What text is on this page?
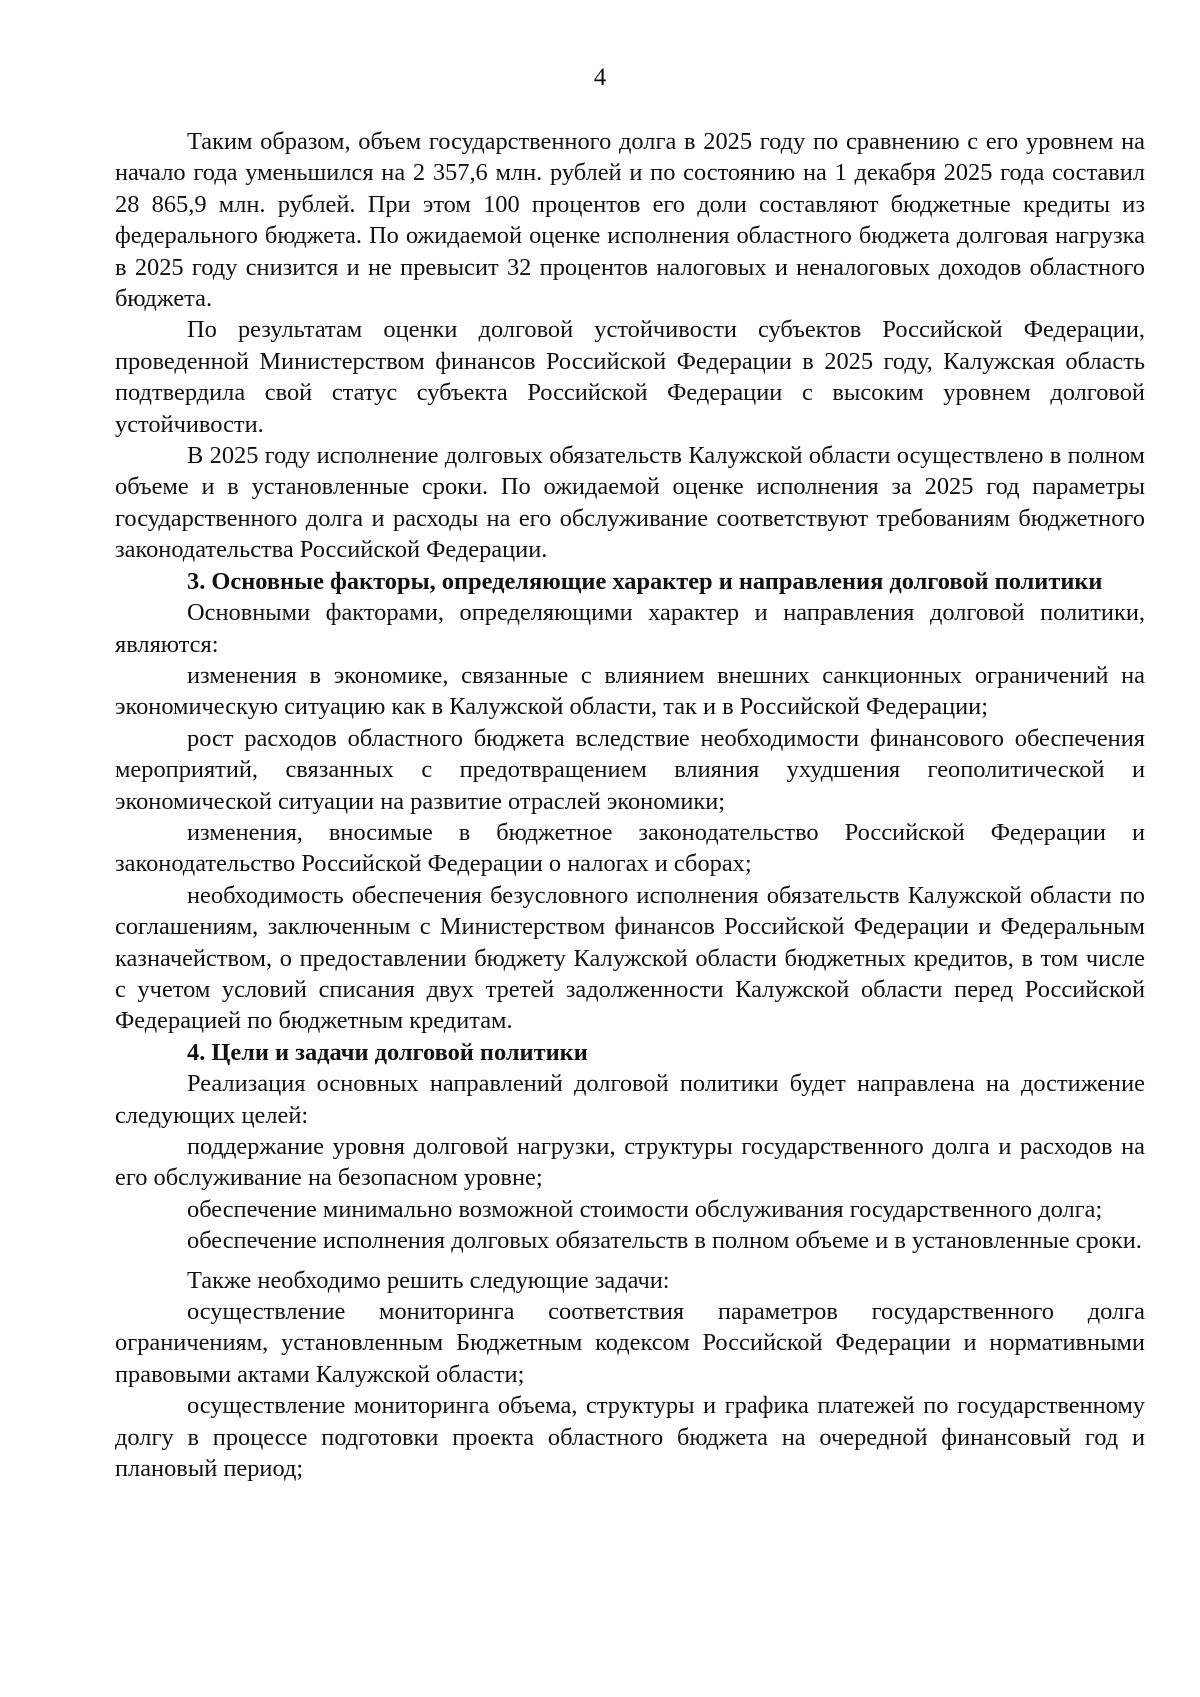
4

Таким образом, объем государственного долга в 2025 году по сравнению с его уровнем на начало года уменьшился на 2 357,6 млн. рублей и по состоянию на 1 декабря 2025 года составил 28 865,9 млн. рублей. При этом 100 процентов его доли составляют бюджетные кредиты из федерального бюджета. По ожидаемой оценке исполнения областного бюджета долговая нагрузка в 2025 году снизится и не превысит 32 процентов налоговых и неналоговых доходов областного бюджета.

По результатам оценки долговой устойчивости субъектов Российской Федерации, проведенной Министерством финансов Российской Федерации в 2025 году, Калужская область подтвердила свой статус субъекта Российской Федерации с высоким уровнем долговой устойчивости.

В 2025 году исполнение долговых обязательств Калужской области осуществлено в полном объеме и в установленные сроки. По ожидаемой оценке исполнения за 2025 год параметры государственного долга и расходы на его обслуживание соответствуют требованиям бюджетного законодательства Российской Федерации.

3. Основные факторы, определяющие характер и направления долговой политики

Основными факторами, определяющими характер и направления долговой политики, являются:

изменения в экономике, связанные с влиянием внешних санкционных ограничений на экономическую ситуацию как в Калужской области, так и в Российской Федерации;

рост расходов областного бюджета вследствие необходимости финансового обеспечения мероприятий, связанных с предотвращением влияния ухудшения геополитической и экономической ситуации на развитие отраслей экономики;

изменения, вносимые в бюджетное законодательство Российской Федерации и законодательство Российской Федерации о налогах и сборах;

необходимость обеспечения безусловного исполнения обязательств Калужской области по соглашениям, заключенным с Министерством финансов Российской Федерации и Федеральным казначейством, о предоставлении бюджету Калужской области бюджетных кредитов, в том числе с учетом условий списания двух третей задолженности Калужской области перед Российской Федерацией по бюджетным кредитам.

4. Цели и задачи долговой политики

Реализация основных направлений долговой политики будет направлена на достижение следующих целей:

поддержание уровня долговой нагрузки, структуры государственного долга и расходов на его обслуживание на безопасном уровне;

обеспечение минимально возможной стоимости обслуживания государственного долга;

обеспечение исполнения долговых обязательств в полном объеме и в установленные сроки.

Также необходимо решить следующие задачи:

осуществление мониторинга соответствия параметров государственного долга ограничениям, установленным Бюджетным кодексом Российской Федерации и нормативными правовыми актами Калужской области;

осуществление мониторинга объема, структуры и графика платежей по государственному долгу в процессе подготовки проекта областного бюджета на очередной финансовый год и плановый период;
